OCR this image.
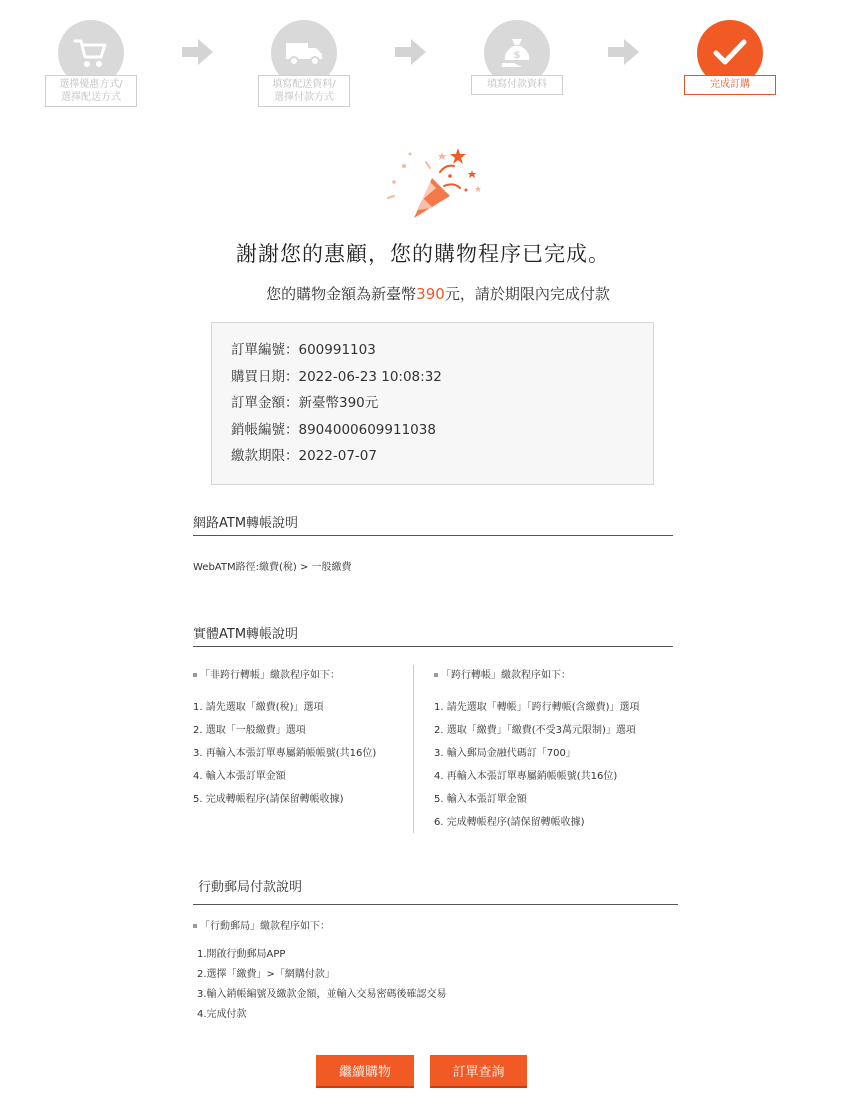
選擇優惠方式/
選擇配送方式
填寫配送資料/
選擇付款方式
$
填寫付款資料	完成訂購
謝謝您的惠顧，您的購物程序已完成。
您的購物金額為新臺幣390元，請於期限內完成付款
訂單編號：600991103
購買日期：2022-06-23 10:08:32
訂單金額：新臺幣390元
銷帳編號：8904000609911038
繳款期限：2022-07-07
網路ATM轉帳說明
WebATM路徑:繳費(稅) > 一般繳費
實體ATM轉帳說明
「非跨行轉帳」繳款程序如下：
1. 請先選取「繳費(稅)」選項
2. 選取「一般繳費」選項
3. 再輸入本張訂單專屬銷帳帳號(共16位)
4. 輸入本張訂單金額
5. 完成轉帳程序(請保留轉帳收據)
「跨行轉帳」繳款程序如下：
1. 請先選取「轉帳」「跨行轉帳(含繳費)」選項
2. 選取「繳費」「繳費(不受3萬元限制)」選項
3. 輸入郵局金融代碼訂「700」
4. 再輸入本張訂單專屬銷帳帳號(共16位)
5. 輸入本張訂單金額
6. 完成轉帳程序(請保留轉帳收據)
行動郵局付款說明
「行動郵局」繳款程序如下：
1.開啟行動郵局APP
2.選擇「繳費」>「網購付款」
3.輸入銷帳編號及繳款金額，並輸入交易密碼後確認交易
4.完成付款
繼續購物	訂單查詢
